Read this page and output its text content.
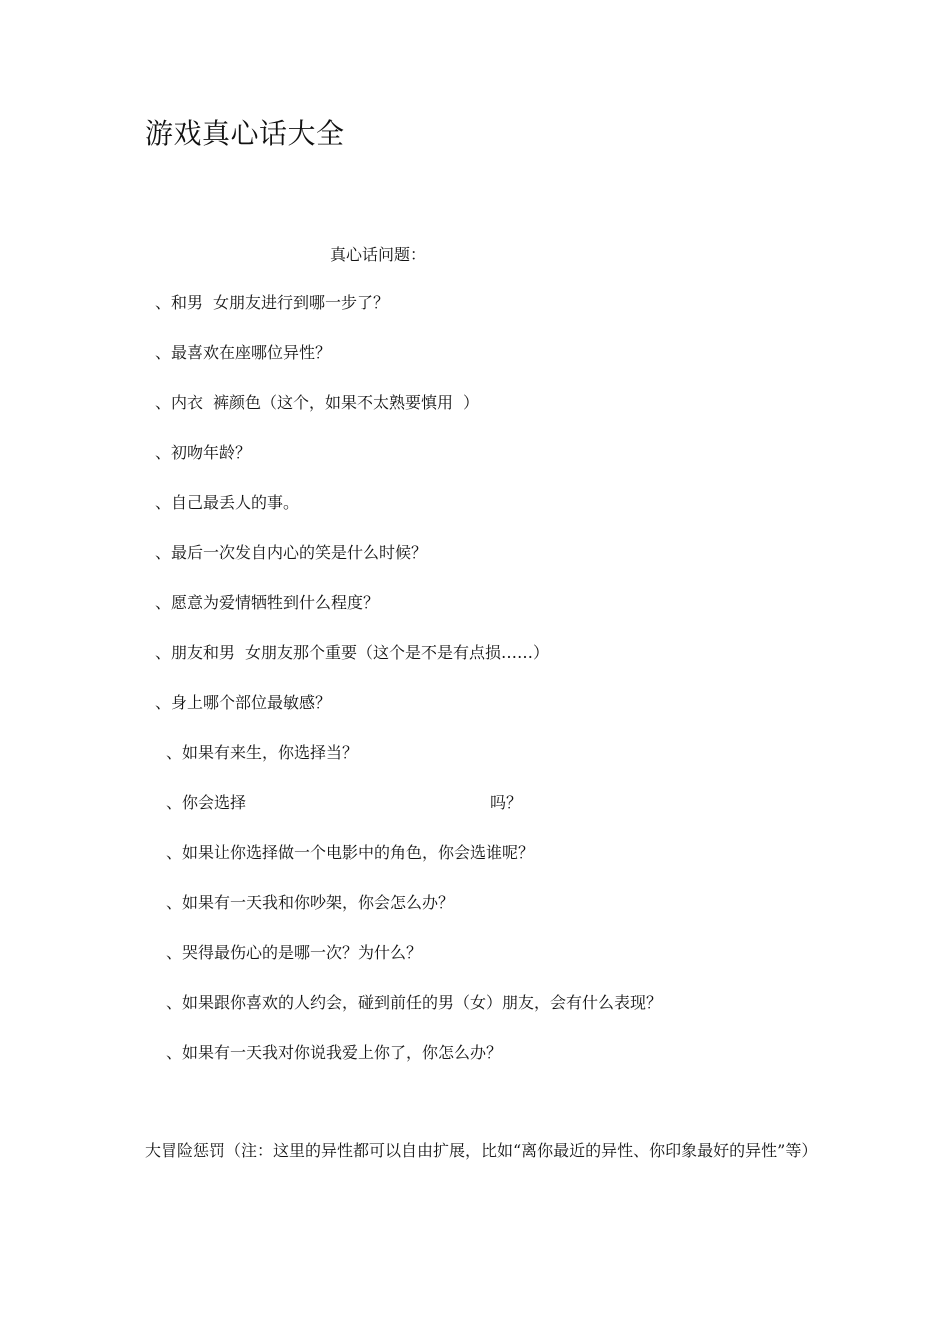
游戏真心话大全
真心话问题：
、和男 女朋友进行到哪一步了？
、最喜欢在座哪位异性？
、内衣 裤颜色（这个，如果不太熟要慎用 ）
、初吻年龄？
、自己最丢人的事。
、最后一次发自内心的笑是什么时候？
、愿意为爱情牺牲到什么程度？
、朋友和男 女朋友那个重要（这个是不是有点损……）
、身上哪个部位最敏感？
、如果有来生，你选择当？
、你会选择	吗？
、如果让你选择做一个电影中的角色，你会选谁呢？
、如果有一天我和你吵架，你会怎么办？
、哭得最伤心的是哪一次？为什么？
、如果跟你喜欢的人约会，碰到前任的男（女）朋友，会有什么表现？
、如果有一天我对你说我爱上你了，你怎么办？
大冒险惩罚（注：这里的异性都可以自由扩展，比如“离你最近的异性、你印象最好的异性”等）
